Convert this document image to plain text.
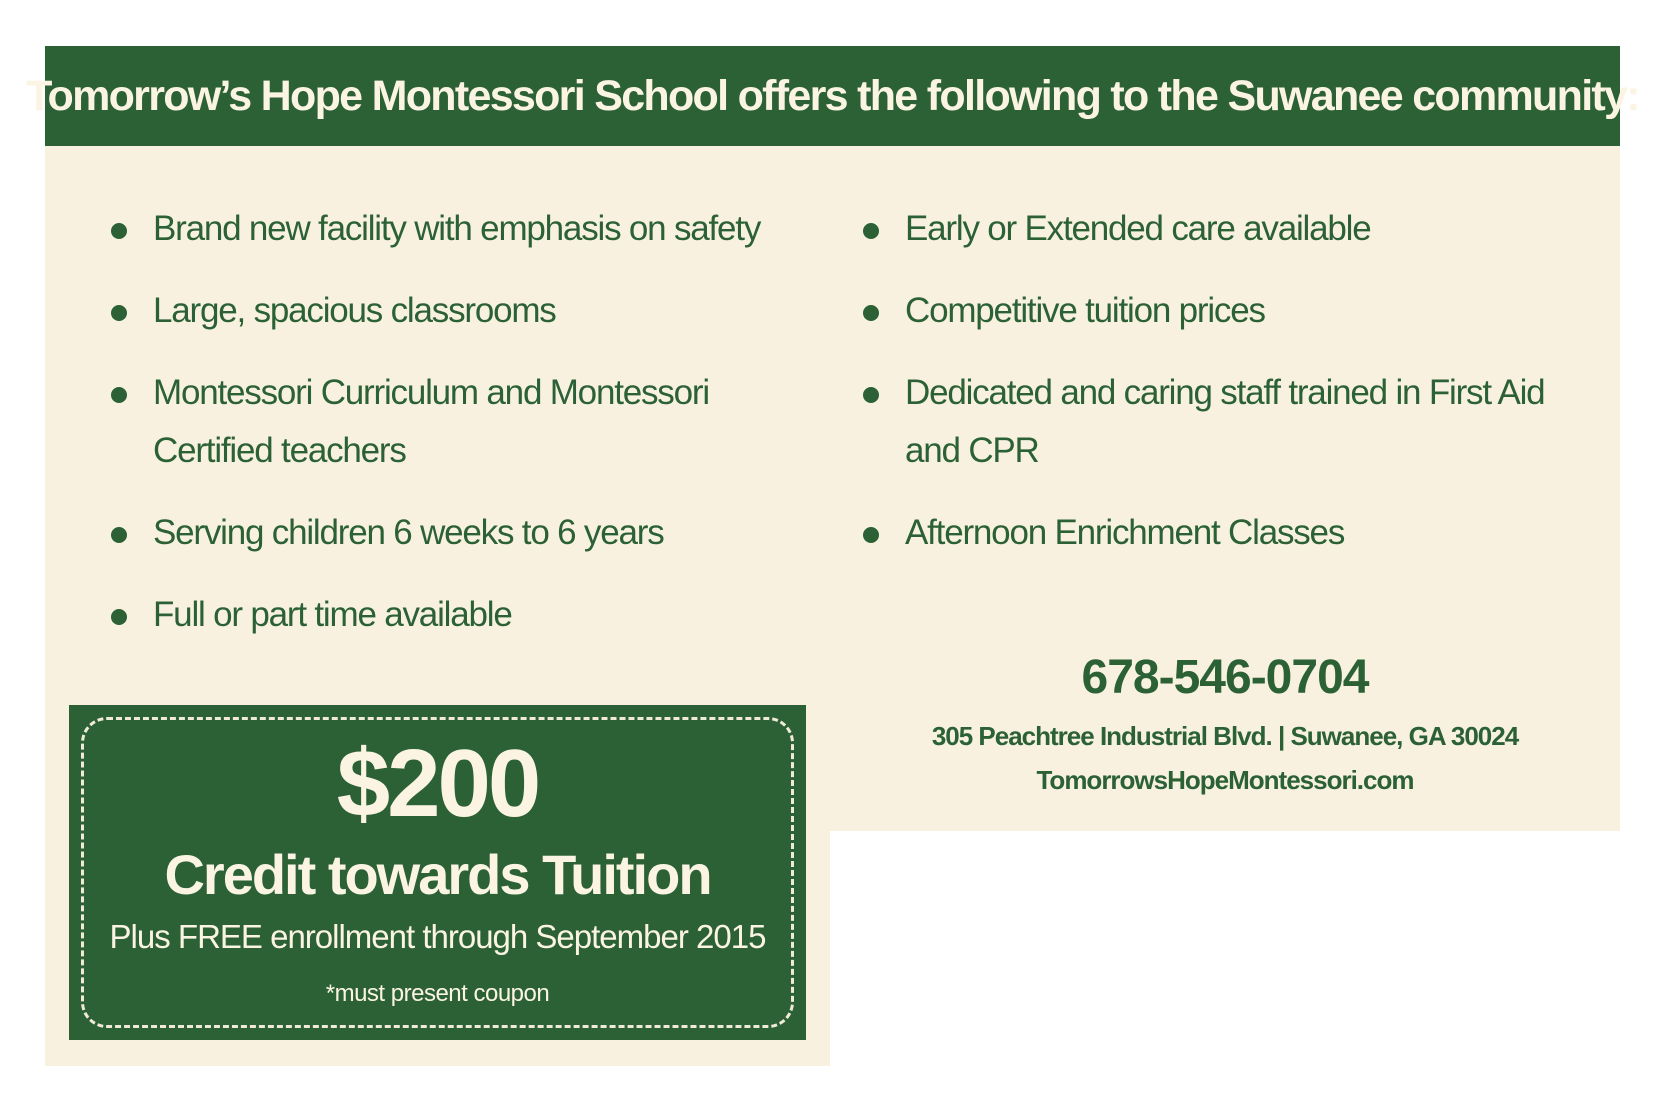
Tomorrow’s Hope Montessori School offers the following to the Suwanee community:
Brand new facility with emphasis on safety
Large, spacious classrooms
Montessori Curriculum and Montessori Certified teachers
Serving children 6 weeks to 6 years
Full or part time available
Early or Extended care available
Competitive tuition prices
Dedicated and caring staff trained in First Aid and CPR
Afternoon Enrichment Classes
678-546-0704
305 Peachtree Industrial Blvd. | Suwanee, GA 30024
TomorrowsHopeMontessori.com
$200
Credit towards Tuition
Plus FREE enrollment through September 2015
*must present coupon
